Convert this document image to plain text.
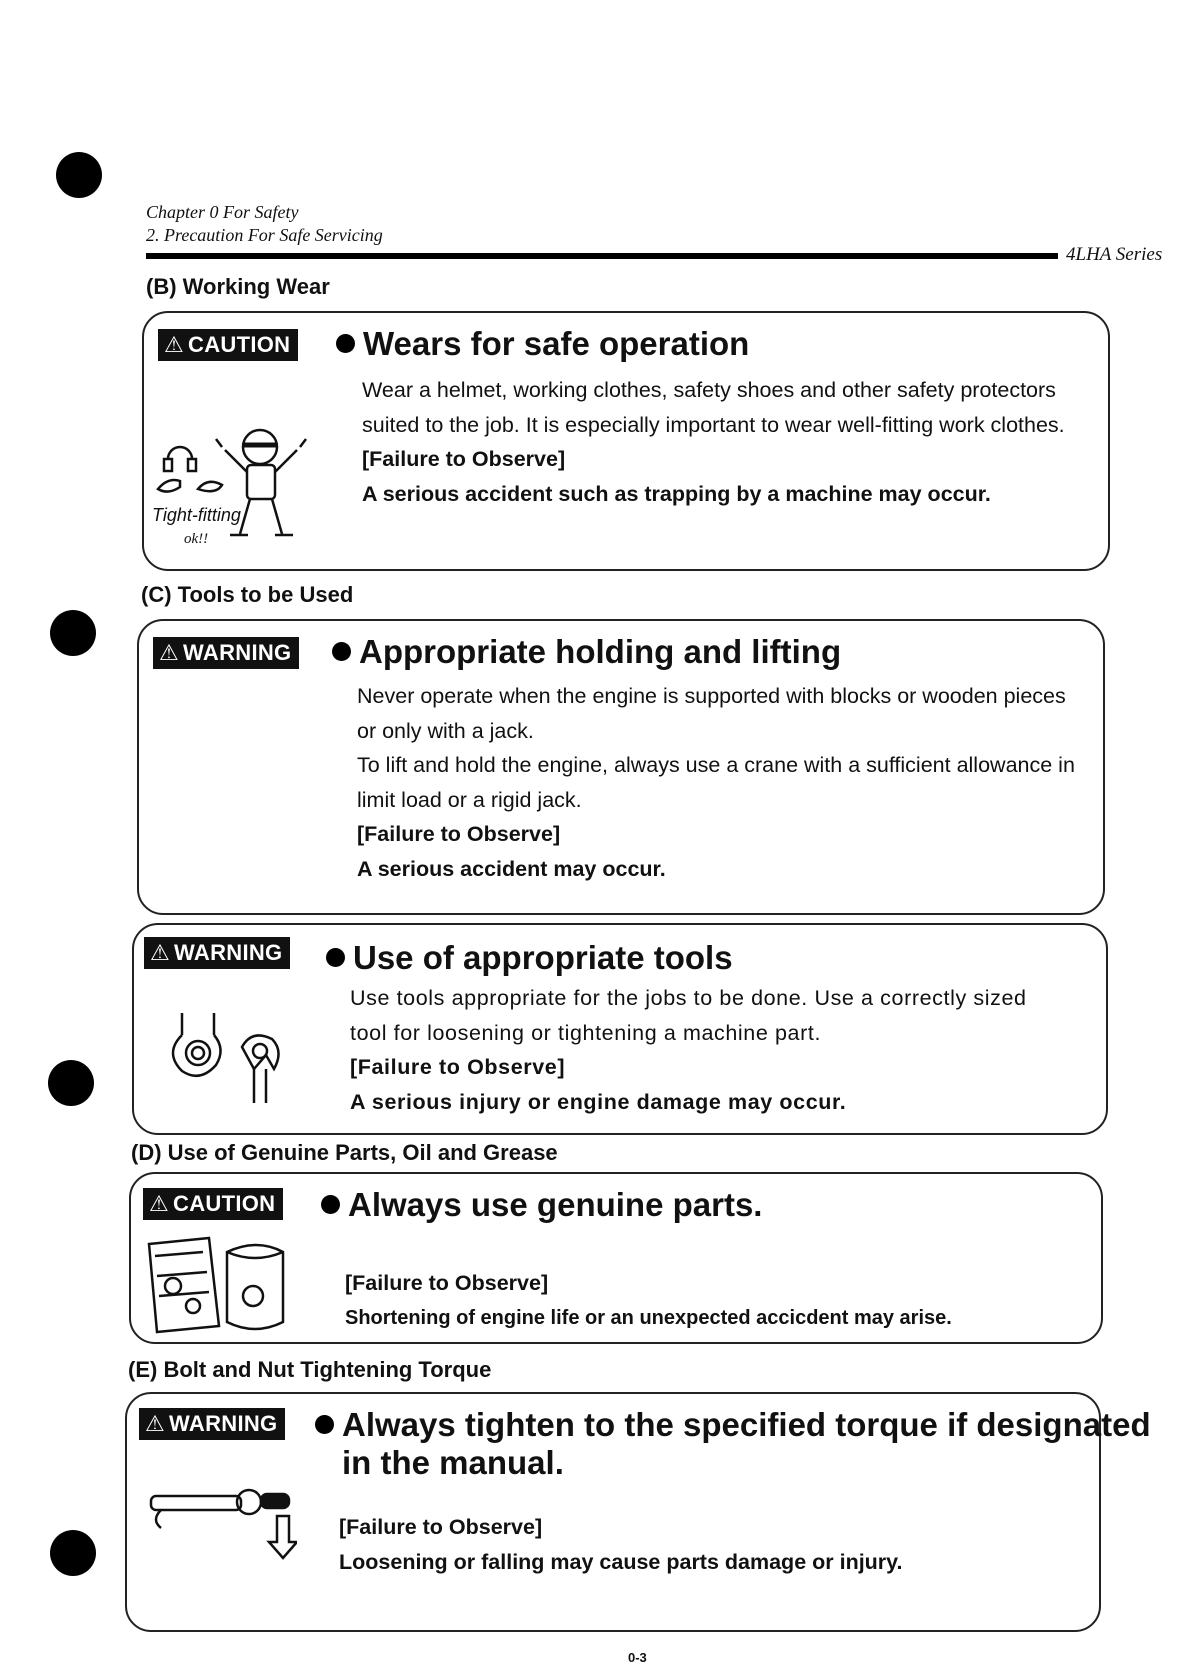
Chapter 0 For Safety
2. Precaution For Safe Servicing
4LHA Series
(B) Working Wear
⚠ CAUTION	Wears for safe operation

Wear a helmet, working clothes, safety shoes and other safety protectors

suited to the job. It is especially important to wear well-fitting work clothes.

[Failure to Observe]

A serious accident such as trapping by a machine may occur.

Tight-fitting
ok!!
(C) Tools to be Used
⚠ WARNING	Appropriate holding and lifting

Never operate when the engine is supported with blocks or wooden pieces

or only with a jack.

To lift and hold the engine, always use a crane with a sufficient allowance in

limit load or a rigid jack.

[Failure to Observe]

A serious accident may occur.

⚠ WARNING	Use of appropriate tools

Use tools appropriate for the jobs to be done. Use a correctly sized

tool for loosening or tightening a machine part.

[Failure to Observe]

A serious injury or engine damage may occur.

(D) Use of Genuine Parts, Oil and Grease
⚠ CAUTION	Always use genuine parts.

[Failure to Observe]

Shortening of engine life or an unexpected accicdent may arise.

(E) Bolt and Nut Tightening Torque
⚠ WARNING	Always tighten to the specified torque if designated
in the manual.

[Failure to Observe]

Loosening or falling may cause parts damage or injury.

0-3
